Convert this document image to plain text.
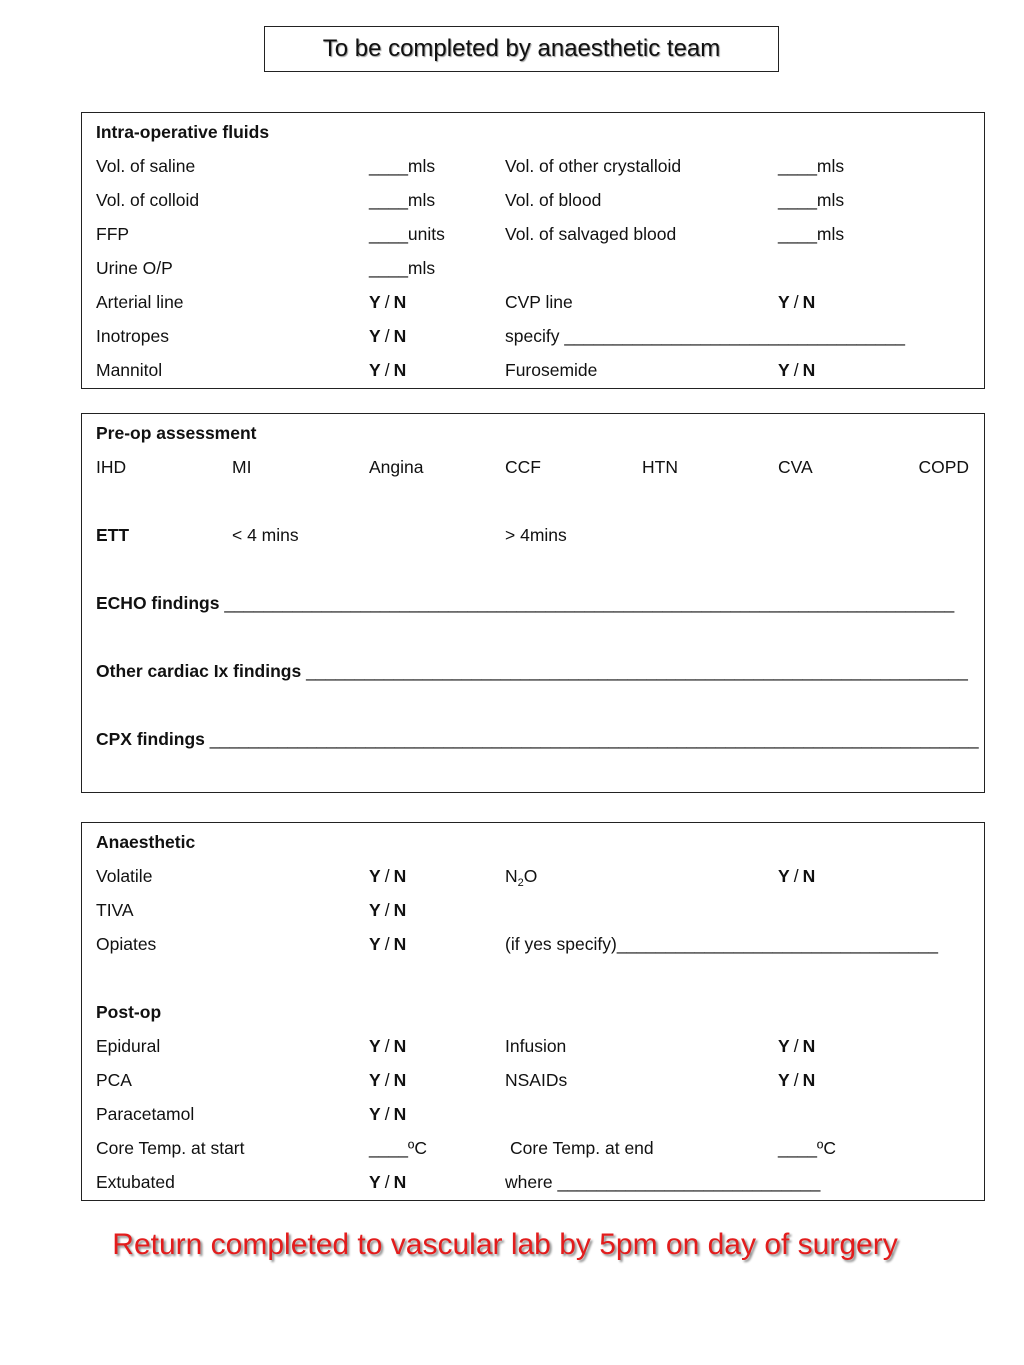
To be completed by anaesthetic team
Intra-operative fluids
Vol. of saline	____mls	Vol. of other crystalloid	____mls
Vol. of colloid	____mls	Vol. of blood	____mls
FFP	____units	Vol. of salvaged blood	____mls
Urine O/P	____mls
Arterial line	Y / N	CVP line	Y / N
Inotropes	Y / N	specify ___________________________________
Mannitol	Y / N	Furosemide	Y / N
Pre-op assessment
IHD	MI	Angina	CCF	HTN	CVA	COPD
ETT	< 4 mins	> 4mins
ECHO findings ___________________________________________________________________________
Other cardiac Ix findings ____________________________________________________________________
CPX findings _______________________________________________________________________________
Anaesthetic
Volatile	Y / N	$N_2O$	Y / N
TIVA	Y / N
Opiates	Y / N	(if yes specify)_________________________________
Post-op
Epidural	Y / N	Infusion	Y / N
PCA	Y / N	NSAIDs	Y / N
Paracetamol	Y / N
Core Temp. at start	____ºC	Core Temp. at end	____ºC
Extubated	Y / N	where ___________________________
Return completed to vascular lab by 5pm on day of surgery
